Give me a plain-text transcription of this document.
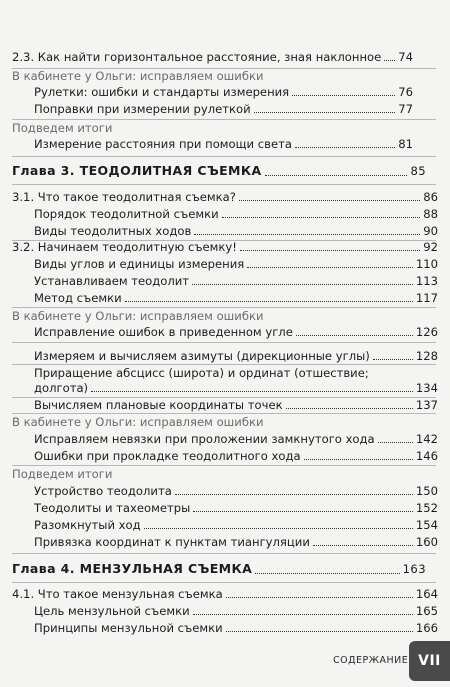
2.3. Как найти горизонтальное расстояние, зная наклонное 74
В кабинете у Ольги: исправляем ошибки
Рулетки: ошибки и стандарты измерения	76
Поправки при измерении рулеткой	77
Подведем итоги
Измерение расстояния при помощи света	81
Глава 3. ТЕОДОЛИТНАЯ СЪЕМКА	85
3.1. Что такое теодолитная съемка?	86
Порядок теодолитной съемки	88
Виды теодолитных ходов	90
3.2. Начинаем теодолитную съемку!	92
Виды углов и единицы измерения	110
Устанавливаем теодолит	113
Метод съемки	117
В кабинете у Ольги: исправляем ошибки
Исправление ошибок в приведенном угле	126
Измеряем и вычисляем азимуты (дирекционные углы)	128
Приращение абсцисс (широта) и ординат (отшествие;
долгота)	134
Вычисляем плановые координаты точек	137
В кабинете у Ольги: исправляем ошибки
Исправляем невязки при проложении замкнутого хода	142
Ошибки при прокладке теодолитного хода	146
Подведем итоги
Устройство теодолита	150
Теодолиты и тахеометры	152
Разомкнутый ход	154
Привязка координат к пунктам тиангуляции	160
Глава 4. МЕНЗУЛЬНАЯ СЪЕМКА	163
4.1. Что такое мензульная съемка	164
Цель мензульной съемки	165
Принципы мензульной съемки	166
СОДЕРЖАНИЕ VII
